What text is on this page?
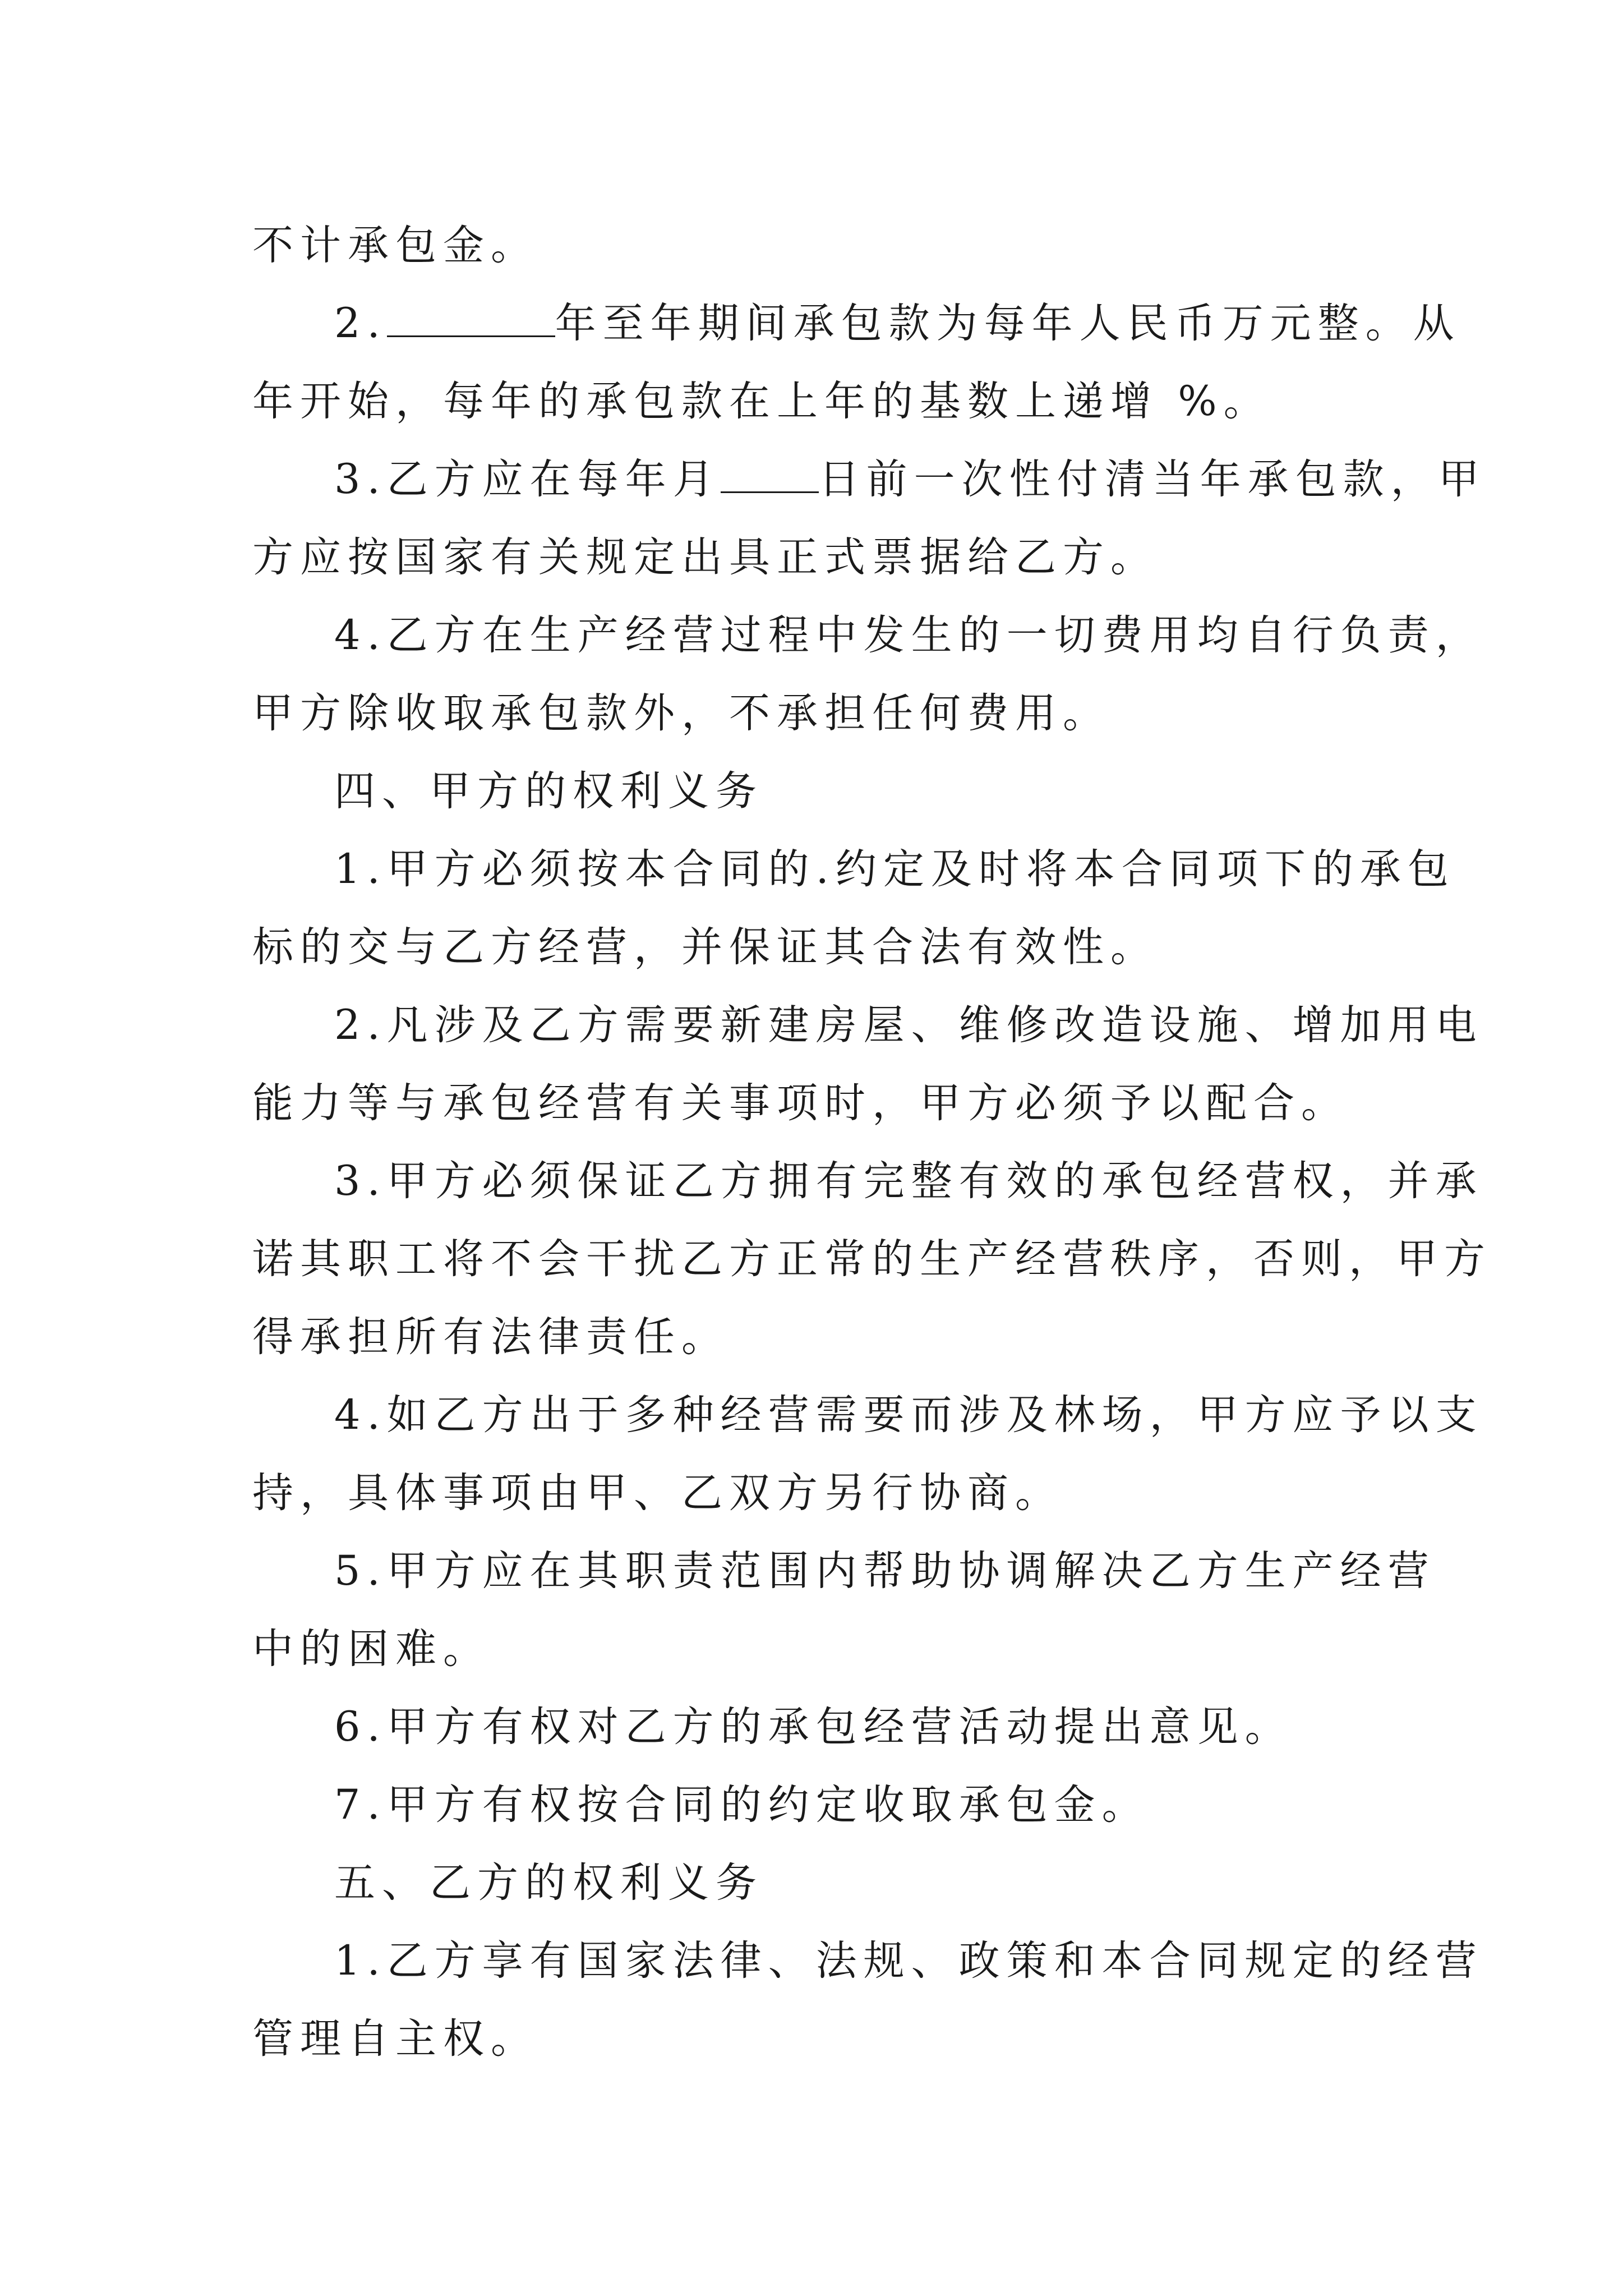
不计承包金。
2.	年至年期间承包款为每年人民币万元整。从
年开始，每年的承包款在上年的基数上递增 %。
3.乙方应在每年月 日前一次性付清当年承包款，甲
方应按国家有关规定出具正式票据给乙方。
4.乙方在生产经营过程中发生的一切费用均自行负责，
甲方除收取承包款外，不承担任何费用。
四、甲方的权利义务
1.甲方必须按本合同的.约定及时将本合同项下的承包
标的交与乙方经营，并保证其合法有效性。
2.凡涉及乙方需要新建房屋、维修改造设施、增加用电
能力等与承包经营有关事项时，甲方必须予以配合。
3.甲方必须保证乙方拥有完整有效的承包经营权，并承
诺其职工将不会干扰乙方正常的生产经营秩序，否则，甲方
得承担所有法律责任。
4.如乙方出于多种经营需要而涉及林场，甲方应予以支
持，具体事项由甲、乙双方另行协商。
5.甲方应在其职责范围内帮助协调解决乙方生产经营
中的困难。
6.甲方有权对乙方的承包经营活动提出意见。
7.甲方有权按合同的约定收取承包金。
五、乙方的权利义务
1.乙方享有国家法律、法规、政策和本合同规定的经营
管理自主权。
